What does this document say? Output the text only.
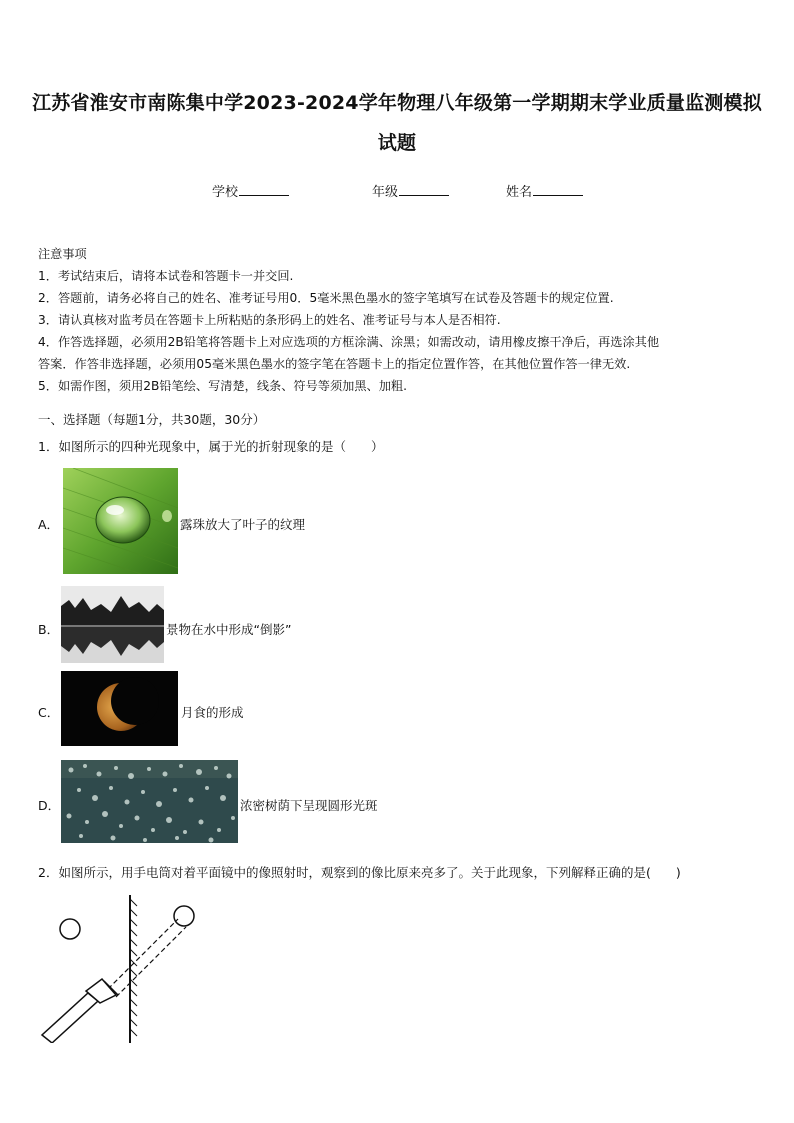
江苏省淮安市南陈集中学2023-2024学年物理八年级第一学期期末学业质量监测模拟
试题
学校	年级	姓名
注意事项
1．考试结束后，请将本试卷和答题卡一并交回.
2．答题前，请务必将自己的姓名、准考证号用0．5毫米黑色墨水的签字笔填写在试卷及答题卡的规定位置.
3．请认真核对监考员在答题卡上所粘贴的条形码上的姓名、准考证号与本人是否相符.
4．作答选择题，必须用2B铅笔将答题卡上对应选项的方框涂满、涂黑；如需改动，请用橡皮擦干净后，再选涂其他
答案．作答非选择题，必须用05毫米黑色墨水的签字笔在答题卡上的指定位置作答，在其他位置作答一律无效.
5．如需作图，须用2B铅笔绘、写清楚，线条、符号等须加黑、加粗.
一、选择题（每题1分，共30题，30分）
1．如图所示的四种光现象中，属于光的折射现象的是（　　）
A．	露珠放大了叶子的纹理
B．	景物在水中形成“倒影”
C．	月食的形成
D．	浓密树荫下呈现圆形光斑
2．如图所示，用手电筒对着平面镜中的像照射时，观察到的像比原来亮多了。关于此现象，下列解释正确的是(　　)
